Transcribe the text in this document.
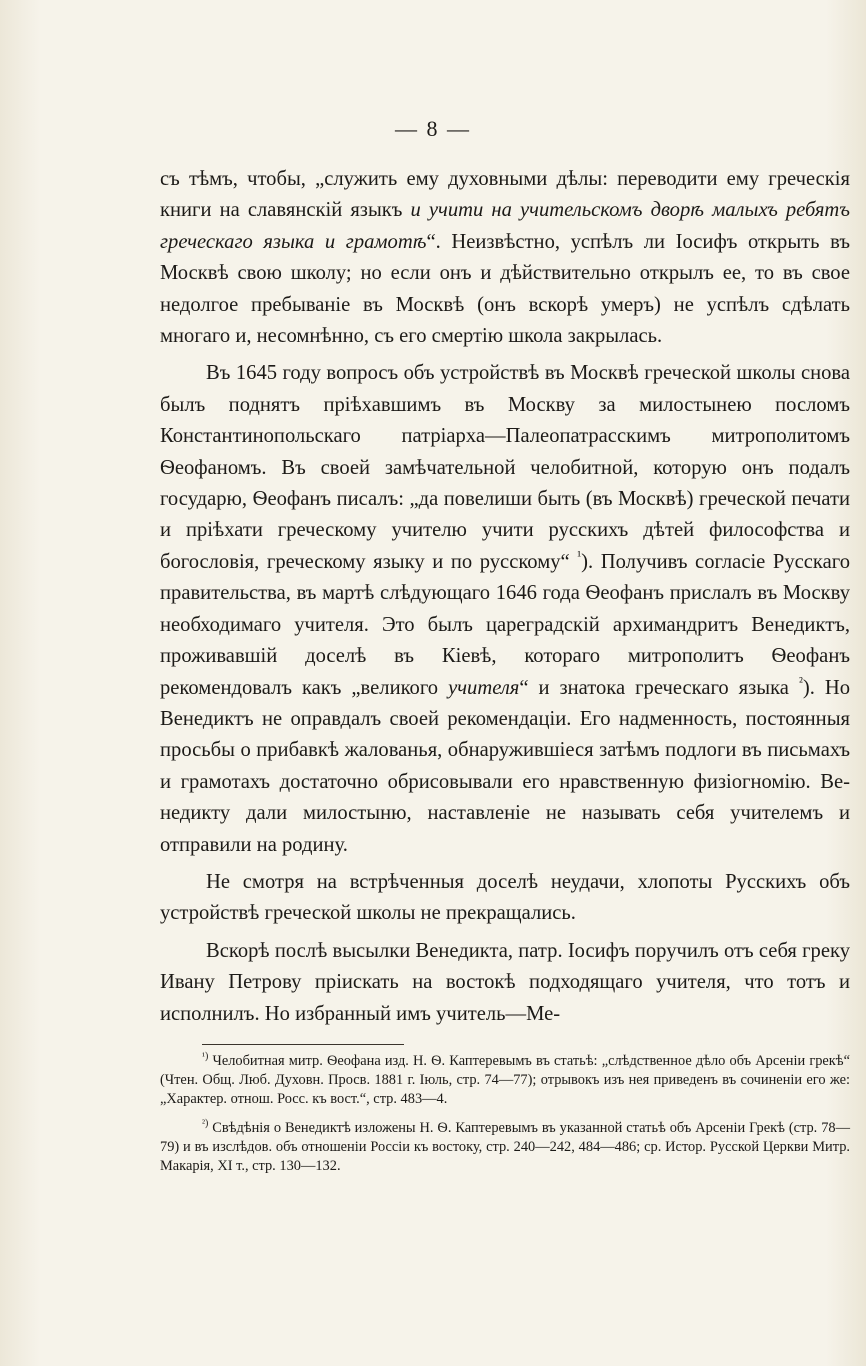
— 8 —

съ тѣмъ, чтобы, „служить ему духовными дѣлы: переводити ему греческія книги на славянскій языкъ и учити на учительскомъ дворѣ малыхъ ребятъ греческаго языка и грамотѣ“. Неизвѣстно, успѣлъ ли Іосифъ открыть въ Москвѣ свою школу; но если онъ и дѣйствительно открылъ ее, то въ свое недолгое пребываніе въ Москвѣ (онъ вскорѣ умеръ) не успѣлъ сдѣлать многаго и, несомнѣнно, съ его смертію школа закрылась.

Въ 1645 году вопросъ объ устройствѣ въ Москвѣ греческой школы снова былъ поднятъ пріѣхавшимъ въ Москву за милостынею посломъ Константинопольскаго патріарха—Палеопатрасскимъ митрополитомъ Ѳеофаномъ. Въ своей замѣчательной челобитной, которую онъ подалъ государю, Ѳеофанъ писалъ: „да повелиши быть (въ Москвѣ) греческой печати и пріѣхати греческому учителю учити русскихъ дѣтей философства и богословія, греческому языку и по русскому“ $^{^1}$). Получивъ согласіе Русскаго правительства, въ мартѣ слѣдующаго 1646 года Ѳеофанъ прислалъ въ Москву необходимаго учителя. Это былъ цареградскій архимандритъ Венедиктъ, проживавшій доселѣ въ Кіевѣ, котораго митрополитъ Ѳеофанъ рекомендовалъ какъ „великого учителя“ и знатока греческаго языка $^{^2}$). Но Венедиктъ не оправдалъ своей рекомендаціи. Его надменность, постоянныя просьбы о прибавкѣ жалованья, обнаружившіеся затѣмъ подлоги въ письмахъ и грамотахъ достаточно обрисовывали его нравственную физіогномію. Венедикту дали милостыню, наставленіе не называть себя учителемъ и отправили на родину.

Не смотря на встрѣченныя доселѣ неудачи, хлопоты Русскихъ объ устройствѣ греческой школы не прекращались.

Вскорѣ послѣ высылки Венедикта, патр. Іосифъ поручилъ отъ себя греку Ивану Петрову пріискать на востокѣ подходящаго учителя, что тотъ и исполнилъ. Но избранный имъ учитель—Ме-

$^{^1)}$ Челобитная митр. Ѳеофана изд. Н. Ѳ. Каптеревымъ въ статьѣ: „слѣдственное дѣло объ Арсеніи грекѣ“ (Чтен. Общ. Люб. Духовн. Просв. 1881 г. Іюль, стр. 74—77); отрывокъ изъ нея приведенъ въ сочиненіи его же: „Характер. отнош. Росс. къ вост.“, стр. 483—4.

$^{^2)}$ Свѣдѣнія о Венедиктѣ изложены Н. Ѳ. Каптеревымъ въ указанной статьѣ объ Арсеніи Грекѣ (стр. 78—79) и въ изслѣдов. объ отношеніи Россіи къ востоку, стр. 240—242, 484—486; ср. Истор. Русской Церкви Митр. Макарія, XI т., стр. 130—132.
